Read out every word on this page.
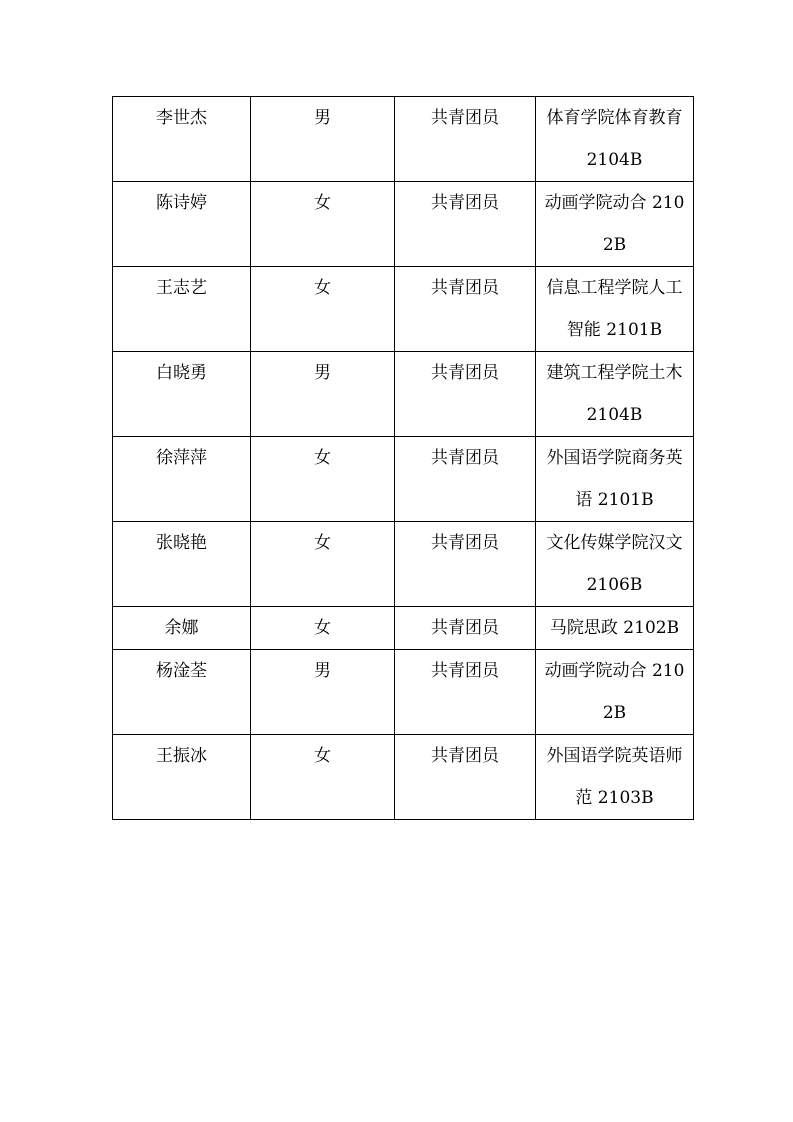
李世杰	男	共青团员	体育学院体育教育 2104B
陈诗婷	女	共青团员	动画学院动合 2102B
王志艺	女	共青团员	信息工程学院人工智能 2101B
白晓勇	男	共青团员	建筑工程学院土木 2104B
徐萍萍	女	共青团员	外国语学院商务英语 2101B
张晓艳	女	共青团员	文化传媒学院汉文 2106B
余娜	女	共青团员	马院思政 2102B
杨淦荃	男	共青团员	动画学院动合 2102B
王振冰	女	共青团员	外国语学院英语师范 2103B
